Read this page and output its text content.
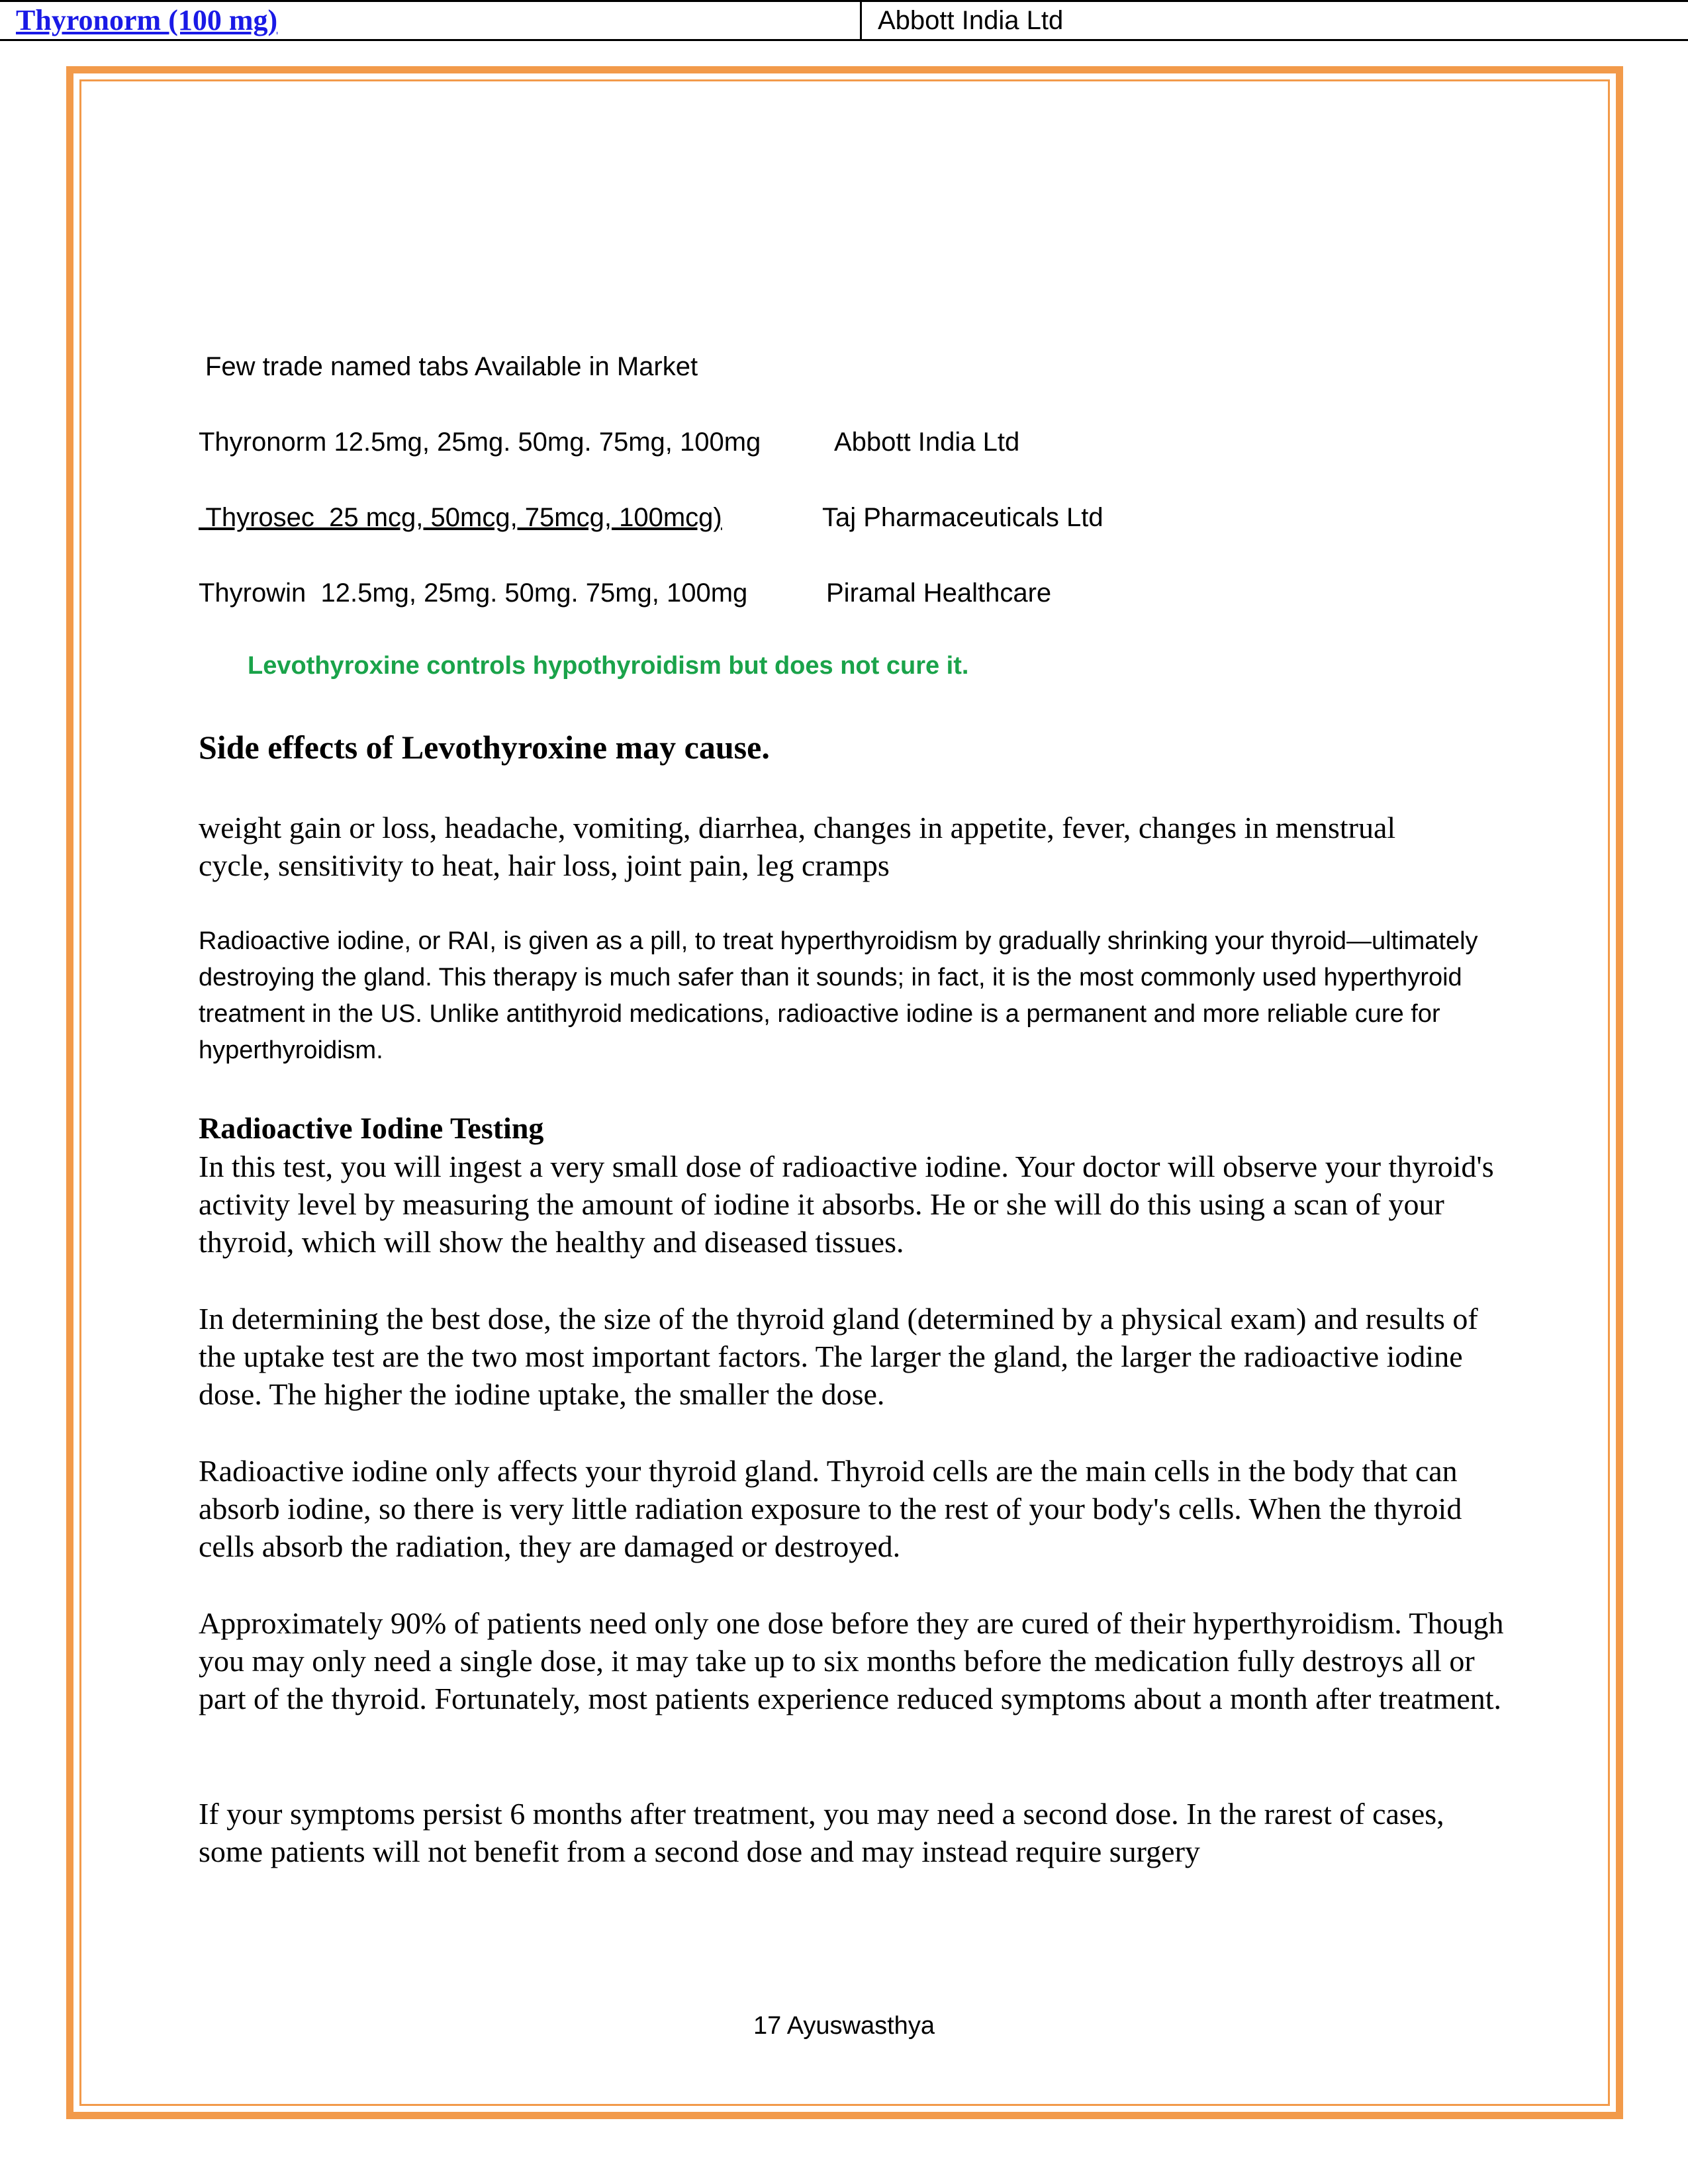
Thyronorm (100 mg)	Abbott India Ltd
Few trade named tabs Available in Market
Thyronorm 12.5mg, 25mg. 50mg. 75mg, 100mg	Abbott India Ltd
Thyrosec  25 mcg, 50mcg, 75mcg, 100mcg)	Taj Pharmaceuticals Ltd
Thyrowin  12.5mg, 25mg. 50mg. 75mg, 100mg	Piramal Healthcare
Levothyroxine controls hypothyroidism but does not cure it.
Side effects of Levothyroxine may cause.

weight gain or loss, headache, vomiting, diarrhea, changes in appetite, fever, changes in menstrual cycle, sensitivity to heat, hair loss, joint pain, leg cramps

Radioactive iodine, or RAI, is given as a pill, to treat hyperthyroidism by gradually shrinking your thyroid—ultimately destroying the gland. This therapy is much safer than it sounds; in fact, it is the most commonly used hyperthyroid treatment in the US. Unlike antithyroid medications, radioactive iodine is a permanent and more reliable cure for hyperthyroidism.

Radioactive Iodine Testing

In this test, you will ingest a very small dose of radioactive iodine. Your doctor will observe your thyroid's activity level by measuring the amount of iodine it absorbs. He or she will do this using a scan of your thyroid, which will show the healthy and diseased tissues.

In determining the best dose, the size of the thyroid gland (determined by a physical exam) and results of the uptake test are the two most important factors. The larger the gland, the larger the radioactive iodine dose. The higher the iodine uptake, the smaller the dose.

Radioactive iodine only affects your thyroid gland. Thyroid cells are the main cells in the body that can absorb iodine, so there is very little radiation exposure to the rest of your body's cells. When the thyroid cells absorb the radiation, they are damaged or destroyed.

Approximately 90% of patients need only one dose before they are cured of their hyperthyroidism. Though you may only need a single dose, it may take up to six months before the medication fully destroys all or part of the thyroid. Fortunately, most patients experience reduced symptoms about a month after treatment.

If your symptoms persist 6 months after treatment, you may need a second dose. In the rarest of cases, some patients will not benefit from a second dose and may instead require surgery

17 Ayuswasthya
